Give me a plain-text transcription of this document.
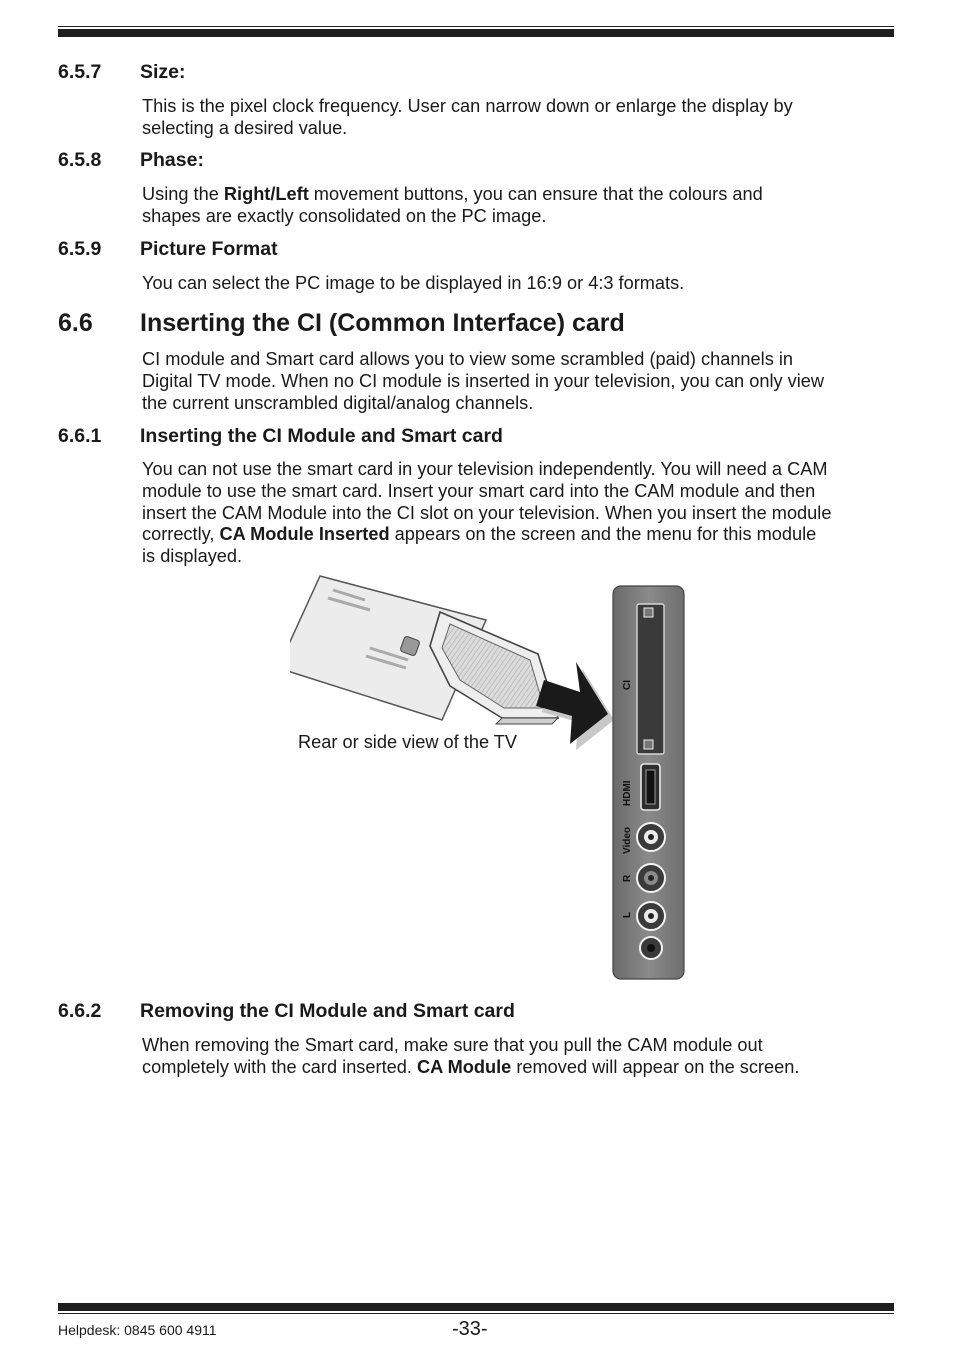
6.5.7 Size:
This is the pixel clock frequency. User can narrow down or enlarge the display by
selecting a desired value.
6.5.8 Phase:
Using the Right/Left movement buttons, you can ensure that the colours and
shapes are exactly consolidated on the PC image.
6.5.9 Picture Format
You can select the PC image to be displayed in 16:9 or 4:3 formats.
6.6 Inserting the CI (Common Interface) card
CI module and Smart card allows you to view some scrambled (paid) channels in
Digital TV mode. When no CI module is inserted in your television, you can only view
the current unscrambled digital/analog channels.
6.6.1 Inserting the CI Module and Smart card
You can not use the smart card in your television independently. You will need a CAM
module to use the smart card. Insert your smart card into the CAM module and then
insert the CAM Module into the CI slot on your television. When you insert the module
correctly, CA Module Inserted appears on the screen and the menu for this module
is displayed.
CI
HDMI
Video
R
L
Rear or side view of the TV
6.6.2 Removing the CI Module and Smart card
When removing the Smart card, make sure that you pull the CAM module out
completely with the card inserted. CA Module removed will appear on the screen.
Helpdesk: 0845 600 4911	-33-
